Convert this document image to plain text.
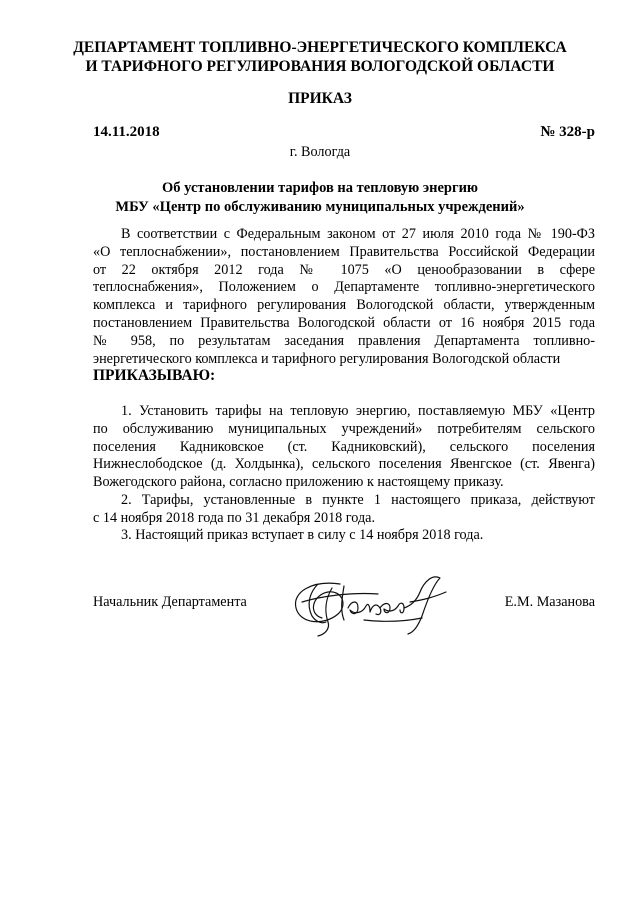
ДЕПАРТАМЕНТ ТОПЛИВНО-ЭНЕРГЕТИЧЕСКОГО КОМПЛЕКСА
И ТАРИФНОГО РЕГУЛИРОВАНИЯ ВОЛОГОДСКОЙ ОБЛАСТИ
ПРИКАЗ
14.11.2018	№ 328-р
г. Вологда
Об установлении тарифов на тепловую энергию
МБУ «Центр по обслуживанию муниципальных учреждений»
В соответствии с Федеральным законом от 27 июля 2010 года № 190-ФЗ
«О теплоснабжении», постановлением Правительства Российской Федерации
от 22 октября 2012 года № 1075 «О ценообразовании в сфере
теплоснабжения», Положением о Департаменте топливно-энергетического
комплекса и тарифного регулирования Вологодской области, утвержденным
постановлением Правительства Вологодской области от 16 ноября 2015 года
№ 958, по результатам заседания правления Департамента топливно-
энергетического комплекса и тарифного регулирования Вологодской области
ПРИКАЗЫВАЮ:
1. Установить тарифы на тепловую энергию, поставляемую МБУ «Центр
по обслуживанию муниципальных учреждений» потребителям сельского
поселения Кадниковское (ст. Кадниковский), сельского поселения
Нижнеслободское (д. Холдынка), сельского поселения Явенгское (ст. Явенга)
Вожегодского района, согласно приложению к настоящему приказу.
2. Тарифы, установленные в пункте 1 настоящего приказа, действуют
с 14 ноября 2018 года по 31 декабря 2018 года.
3. Настоящий приказ вступает в силу с 14 ноября 2018 года.
Начальник Департамента	Е.М. Мазанова
